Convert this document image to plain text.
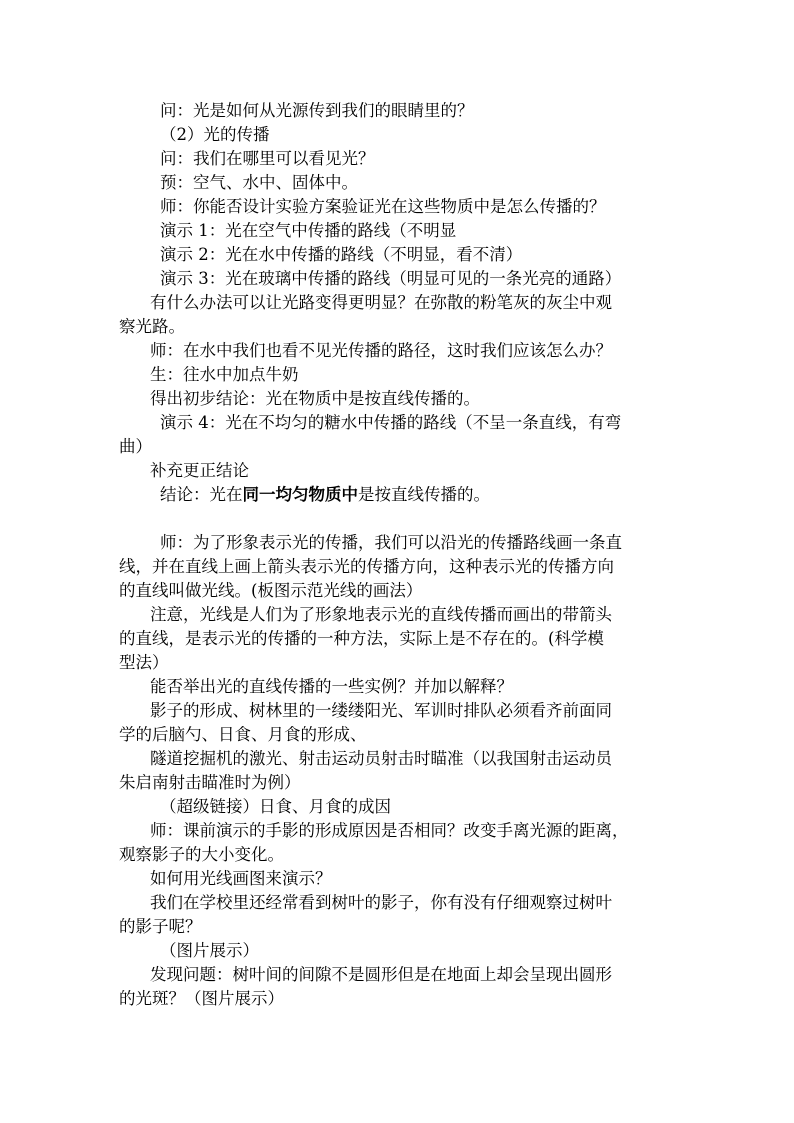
问：光是如何从光源传到我们的眼睛里的？
（2）光的传播
问：我们在哪里可以看见光？
预：空气、水中、固体中。
师：你能否设计实验方案验证光在这些物质中是怎么传播的？
演示 1：光在空气中传播的路线（不明显
演示 2：光在水中传播的路线（不明显，看不清）
演示 3：光在玻璃中传播的路线（明显可见的一条光亮的通路）
有什么办法可以让光路变得更明显？在弥散的粉笔灰的灰尘中观
察光路。
师：在水中我们也看不见光传播的路径，这时我们应该怎么办？
生：往水中加点牛奶
得出初步结论：光在物质中是按直线传播的。
演示 4：光在不均匀的糖水中传播的路线（不呈一条直线，有弯
曲）
补充更正结论
结论：光在同一均匀物质中是按直线传播的。
师：为了形象表示光的传播，我们可以沿光的传播路线画一条直
线，并在直线上画上箭头表示光的传播方向，这种表示光的传播方向
的直线叫做光线。(板图示范光线的画法）
注意，光线是人们为了形象地表示光的直线传播而画出的带箭头
的直线，是表示光的传播的一种方法，实际上是不存在的。(科学模
型法）
能否举出光的直线传播的一些实例？并加以解释？
影子的形成、树林里的一缕缕阳光、军训时排队必须看齐前面同
学的后脑勺、日食、月食的形成、
隧道挖掘机的激光、射击运动员射击时瞄准（以我国射击运动员
朱启南射击瞄准时为例）
（超级链接）日食、月食的成因
师：课前演示的手影的形成原因是否相同？改变手离光源的距离，
观察影子的大小变化。
如何用光线画图来演示？
我们在学校里还经常看到树叶的影子，你有没有仔细观察过树叶
的影子呢？
（图片展示）
发现问题：树叶间的间隙不是圆形但是在地面上却会呈现出圆形
的光斑？（图片展示）
